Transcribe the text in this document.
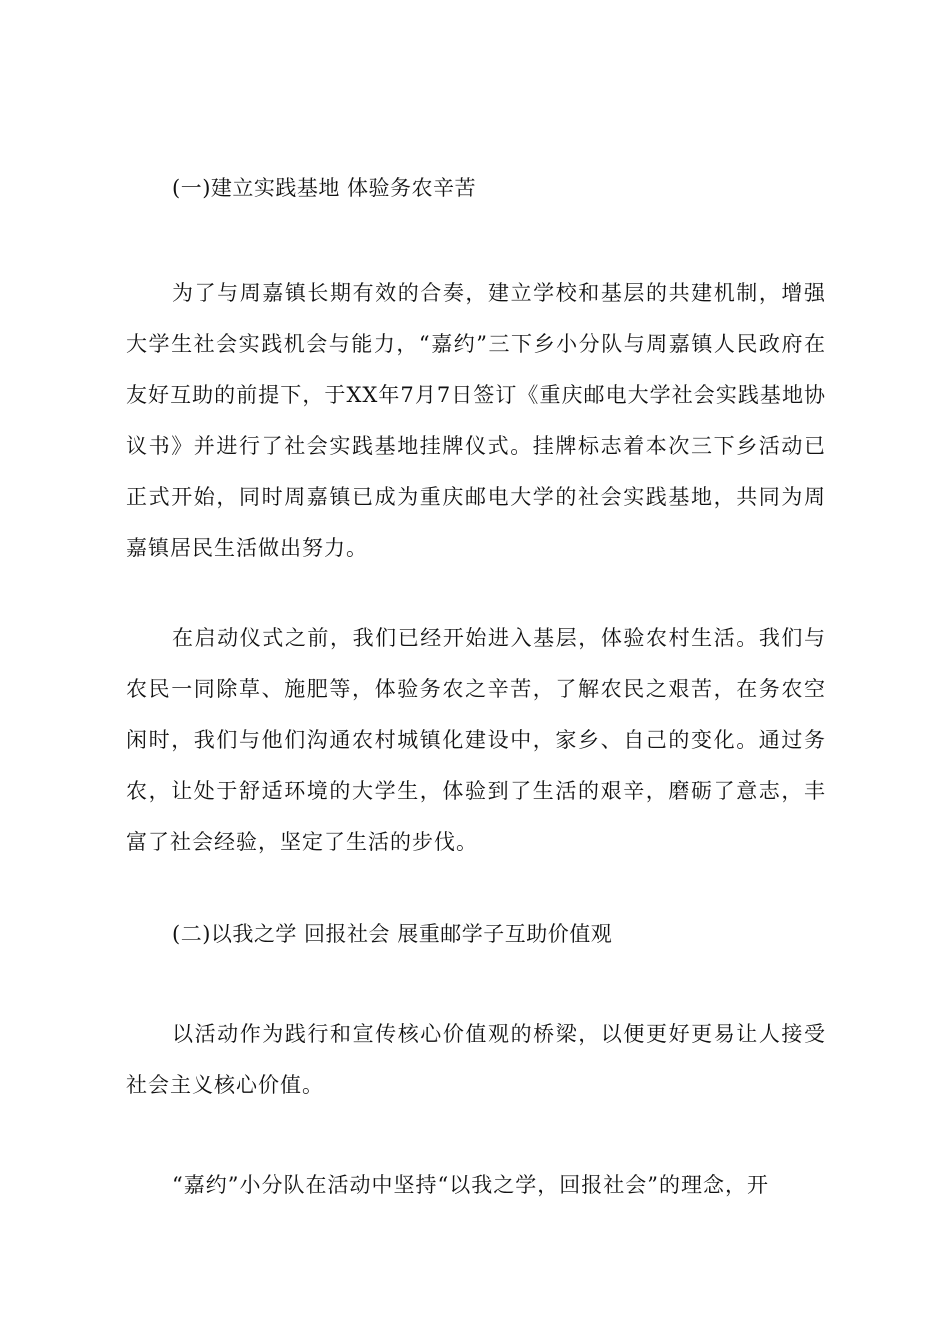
(一)建立实践基地 体验务农辛苦

为了与周嘉镇长期有效的合奏，建立学校和基层的共建机制，增强大学生社会实践机会与能力，“嘉约”三下乡小分队与周嘉镇人民政府在友好互助的前提下，于XX年7月7日签订《重庆邮电大学社会实践基地协议书》并进行了社会实践基地挂牌仪式。挂牌标志着本次三下乡活动已正式开始，同时周嘉镇已成为重庆邮电大学的社会实践基地，共同为周嘉镇居民生活做出努力。

在启动仪式之前，我们已经开始进入基层，体验农村生活。我们与农民一同除草、施肥等，体验务农之辛苦，了解农民之艰苦，在务农空闲时，我们与他们沟通农村城镇化建设中，家乡、自己的变化。通过务农，让处于舒适环境的大学生，体验到了生活的艰辛，磨砺了意志，丰富了社会经验，坚定了生活的步伐。

(二)以我之学 回报社会 展重邮学子互助价值观

以活动作为践行和宣传核心价值观的桥梁，以便更好更易让人接受社会主义核心价值。

“嘉约”小分队在活动中坚持“以我之学，回报社会”的理念，开
